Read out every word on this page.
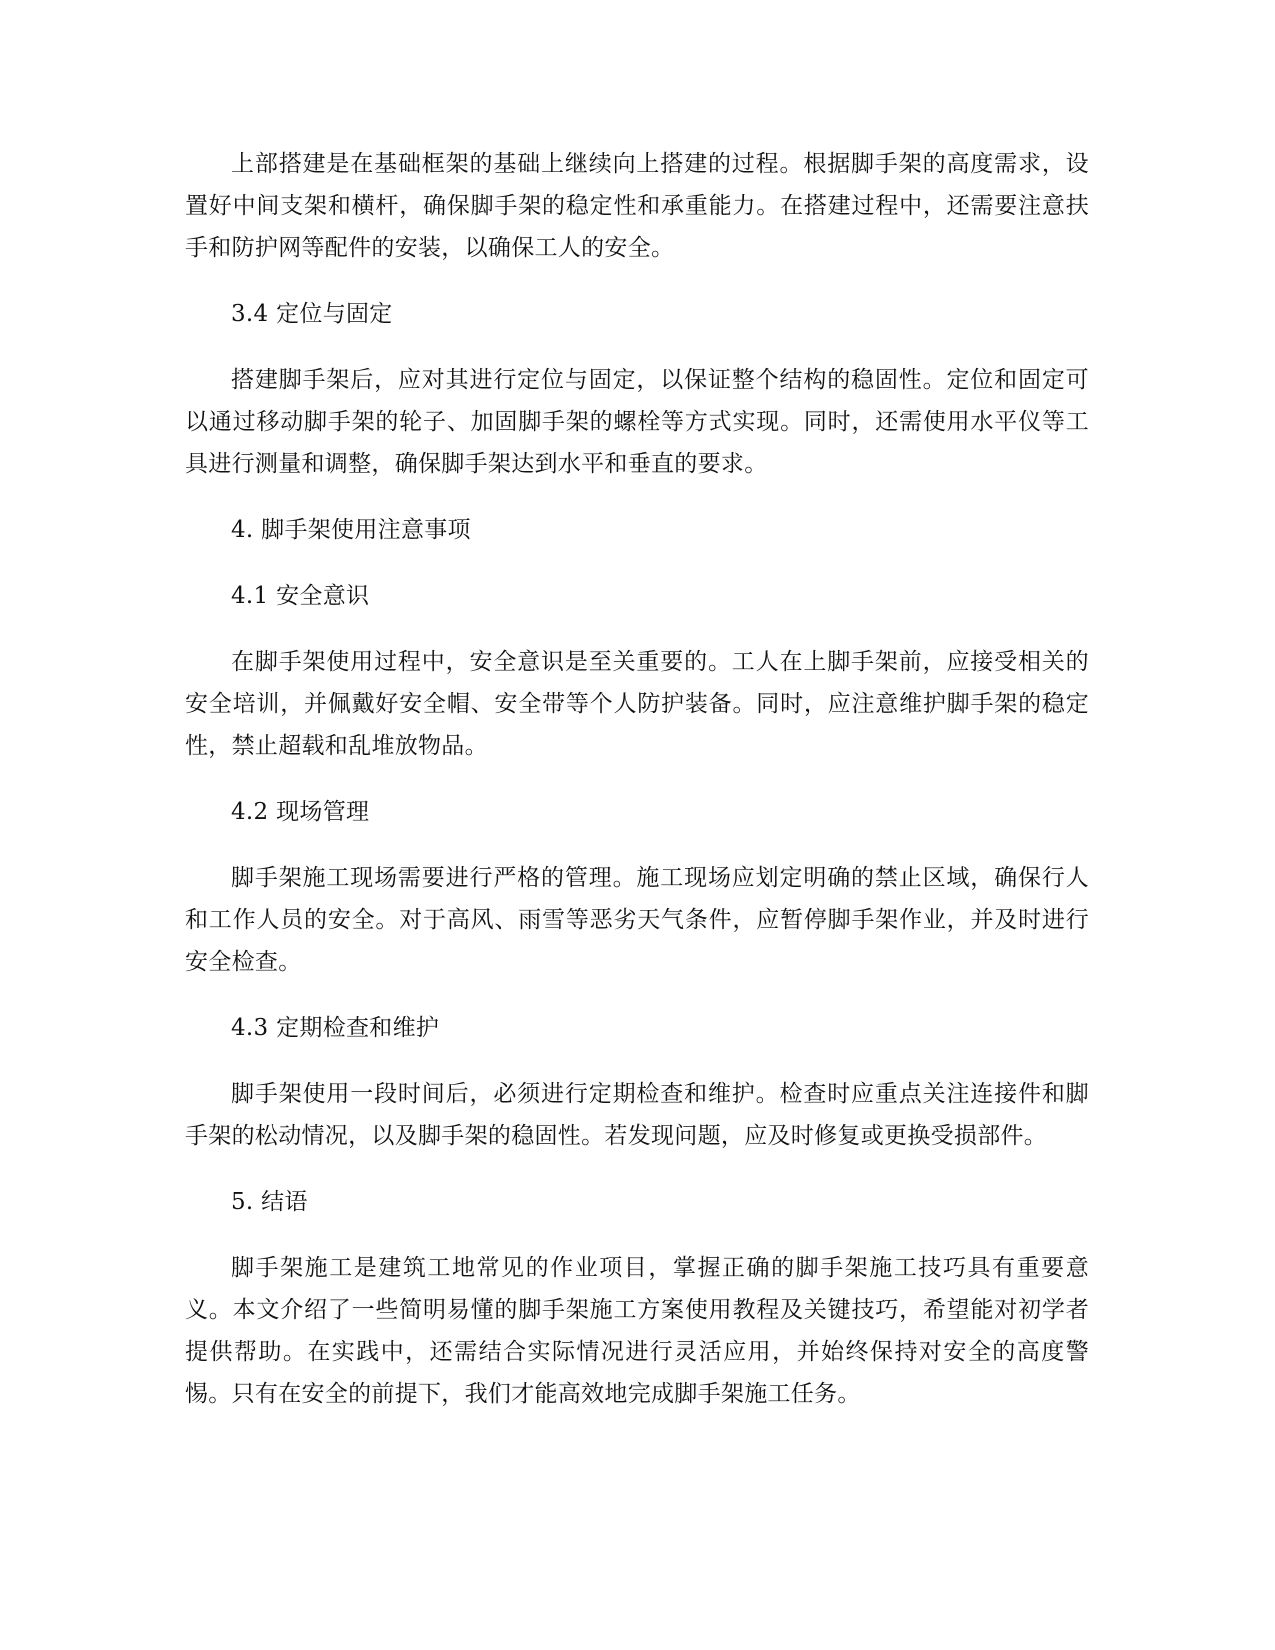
上部搭建是在基础框架的基础上继续向上搭建的过程。根据脚手架的高度需求，设置好中间支架和横杆，确保脚手架的稳定性和承重能力。在搭建过程中，还需要注意扶手和防护网等配件的安装，以确保工人的安全。

3.4 定位与固定

搭建脚手架后，应对其进行定位与固定，以保证整个结构的稳固性。定位和固定可以通过移动脚手架的轮子、加固脚手架的螺栓等方式实现。同时，还需使用水平仪等工具进行测量和调整，确保脚手架达到水平和垂直的要求。

4. 脚手架使用注意事项

4.1 安全意识

在脚手架使用过程中，安全意识是至关重要的。工人在上脚手架前，应接受相关的安全培训，并佩戴好安全帽、安全带等个人防护装备。同时，应注意维护脚手架的稳定性，禁止超载和乱堆放物品。

4.2 现场管理

脚手架施工现场需要进行严格的管理。施工现场应划定明确的禁止区域，确保行人和工作人员的安全。对于高风、雨雪等恶劣天气条件，应暂停脚手架作业，并及时进行安全检查。

4.3 定期检查和维护

脚手架使用一段时间后，必须进行定期检查和维护。检查时应重点关注连接件和脚手架的松动情况，以及脚手架的稳固性。若发现问题，应及时修复或更换受损部件。

5. 结语

脚手架施工是建筑工地常见的作业项目，掌握正确的脚手架施工技巧具有重要意义。本文介绍了一些简明易懂的脚手架施工方案使用教程及关键技巧，希望能对初学者提供帮助。在实践中，还需结合实际情况进行灵活应用，并始终保持对安全的高度警惕。只有在安全的前提下，我们才能高效地完成脚手架施工任务。
